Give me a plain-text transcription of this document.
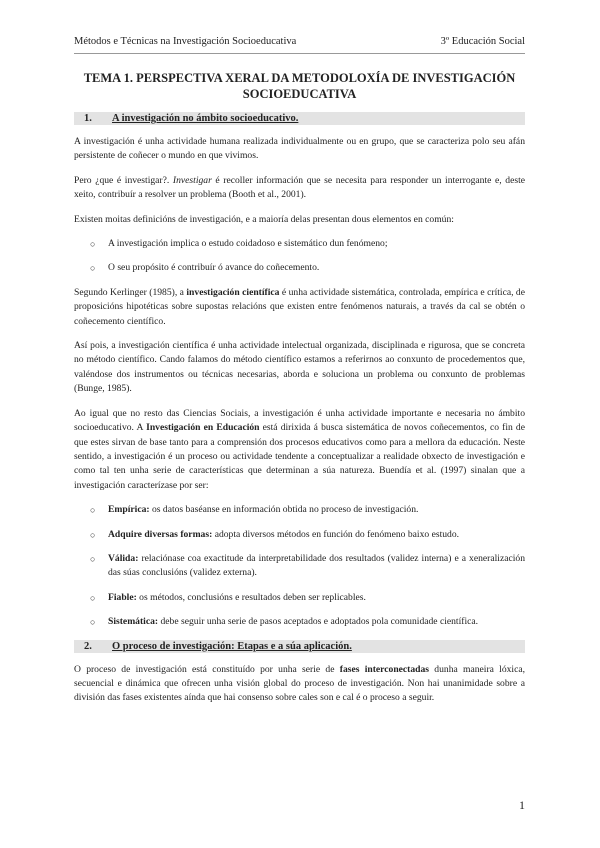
Métodos e Técnicas na Investigación Socioeducativa	3º Educación Social
TEMA 1. PERSPECTIVA XERAL DA METODOLOXÍA DE INVESTIGACIÓN SOCIOEDUCATIVA
1.	A investigación no ámbito socioeducativo.

A investigación é unha actividade humana realizada individualmente ou en grupo, que se caracteriza polo seu afán persistente de coñecer o mundo en que vivimos.

Pero ¿que é investigar?. Investigar é recoller información que se necesita para responder un interrogante e, deste xeito, contribuír a resolver un problema (Booth et al., 2001).

Existen moitas definicións de investigación, e a maioría delas presentan dous elementos en común:

○ A investigación implica o estudo coidadoso e sistemático dun fenómeno;
○ O seu propósito é contribuír ó avance do coñecemento.

Segundo Kerlinger (1985), a investigación científica é unha actividade sistemática, controlada, empírica e crítica, de proposicións hipotéticas sobre supostas relacións que existen entre fenómenos naturais, a través da cal se obtén o coñecemento científico.

Así pois, a investigación científica é unha actividade intelectual organizada, disciplinada e rigurosa, que se concreta no método científico. Cando falamos do método científico estamos a referirnos ao conxunto de procedementos que, valéndose dos instrumentos ou técnicas necesarias, aborda e soluciona un problema ou conxunto de problemas (Bunge, 1985).

Ao igual que no resto das Ciencias Sociais, a investigación é unha actividade importante e necesaria no ámbito socioeducativo. A Investigación en Educación está dirixida á busca sistemática de novos coñecementos, co fin de que estes sirvan de base tanto para a comprensión dos procesos educativos como para a mellora da educación. Neste sentido, a investigación é un proceso ou actividade tendente a conceptualizar a realidade obxecto de investigación e como tal ten unha serie de características que determinan a súa natureza. Buendía et al. (1997) sinalan que a investigación caracterízase por ser:

○ Empírica: os datos baséanse en información obtida no proceso de investigación.
○ Adquire diversas formas: adopta diversos métodos en función do fenómeno baixo estudo.
○ Válida: relaciónase coa exactitude da interpretabilidade dos resultados (validez interna) e a xeneralización das súas conclusións (validez externa).
○ Fiable: os métodos, conclusións e resultados deben ser replicables.
○ Sistemática: debe seguir unha serie de pasos aceptados e adoptados pola comunidade científica.
2.	O proceso de investigación: Etapas e a súa aplicación.

O proceso de investigación está constituído por unha serie de fases interconectadas dunha maneira lóxica, secuencial e dinámica que ofrecen unha visión global do proceso de investigación. Non hai unanimidade sobre a división das fases existentes aínda que hai consenso sobre cales son e cal é o proceso a seguir.

1
